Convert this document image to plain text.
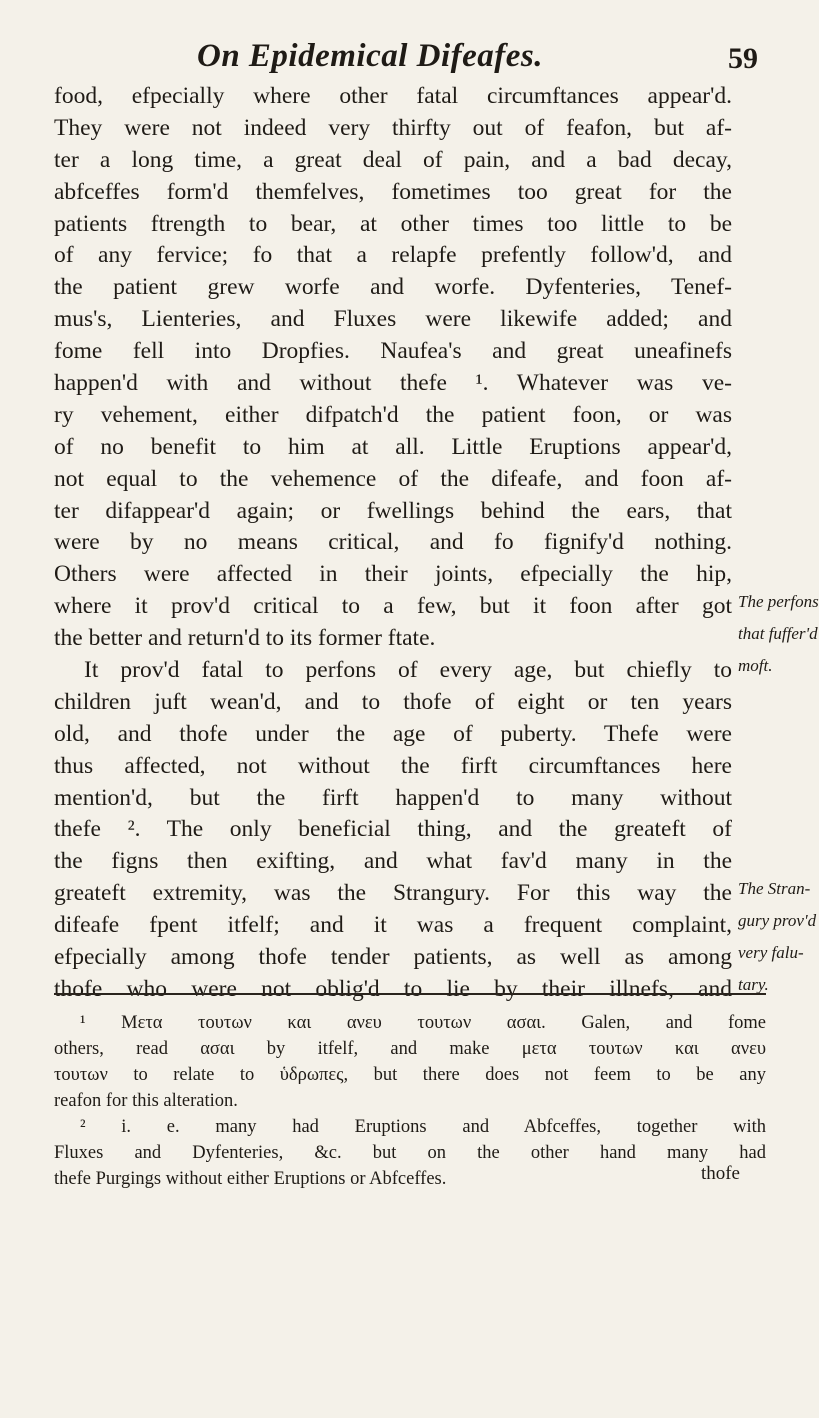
On Epidemical Difeafes.	59
food, efpecially where other fatal circumftances appear'd.
They were not indeed very thirfty out of feafon, but af-
ter a long time, a great deal of pain, and a bad decay,
abfceffes form'd themfelves, fometimes too great for the
patients ftrength to bear, at other times too little to be
of any fervice; fo that a relapfe prefently follow'd, and
the patient grew worfe and worfe. Dyfenteries, Tenef-
mus's, Lienteries, and Fluxes were likewife added; and
fome fell into Dropfies. Naufea's and great uneafinefs
happen'd with and without thefe ¹. Whatever was ve-
ry vehement, either difpatch'd the patient foon, or was
of no benefit to him at all. Little Eruptions appear'd,
not equal to the vehemence of the difeafe, and foon af-
ter difappear'd again; or fwellings behind the ears, that
were by no means critical, and fo fignify'd nothing.
Others were affected in their joints, efpecially the hip,
where it prov'd critical to a few, but it foon after got
the better and return'd to its former ftate.
It prov'd fatal to perfons of every age, but chiefly to
children juft wean'd, and to thofe of eight or ten years
old, and thofe under the age of puberty. Thefe were
thus affected, not without the firft circumftances here
mention'd, but the firft happen'd to many without
thefe ². The only beneficial thing, and the greateft of
the figns then exifting, and what fav'd many in the
greateft extremity, was the Strangury. For this way the
difeafe fpent itfelf; and it was a frequent complaint,
efpecially among thofe tender patients, as well as among
thofe who were not oblig'd to lie by their illnefs, and
The perfons
that fuffer'd
moft.
The Stran-
gury prov'd
very falu-
tary.
¹ Μετα τουτων και ανευ τουτων ασαι. Galen, and fome
others, read ασαι by itfelf, and make μετα τουτων και ανευ
τουτων to relate to ὑδρωπες, but there does not feem to be any
reafon for this alteration.
² i. e. many had Eruptions and Abfceffes, together with
Fluxes and Dyfenteries, &c. but on the other hand many had
thefe Purgings without either Eruptions or Abfceffes.	thofe
